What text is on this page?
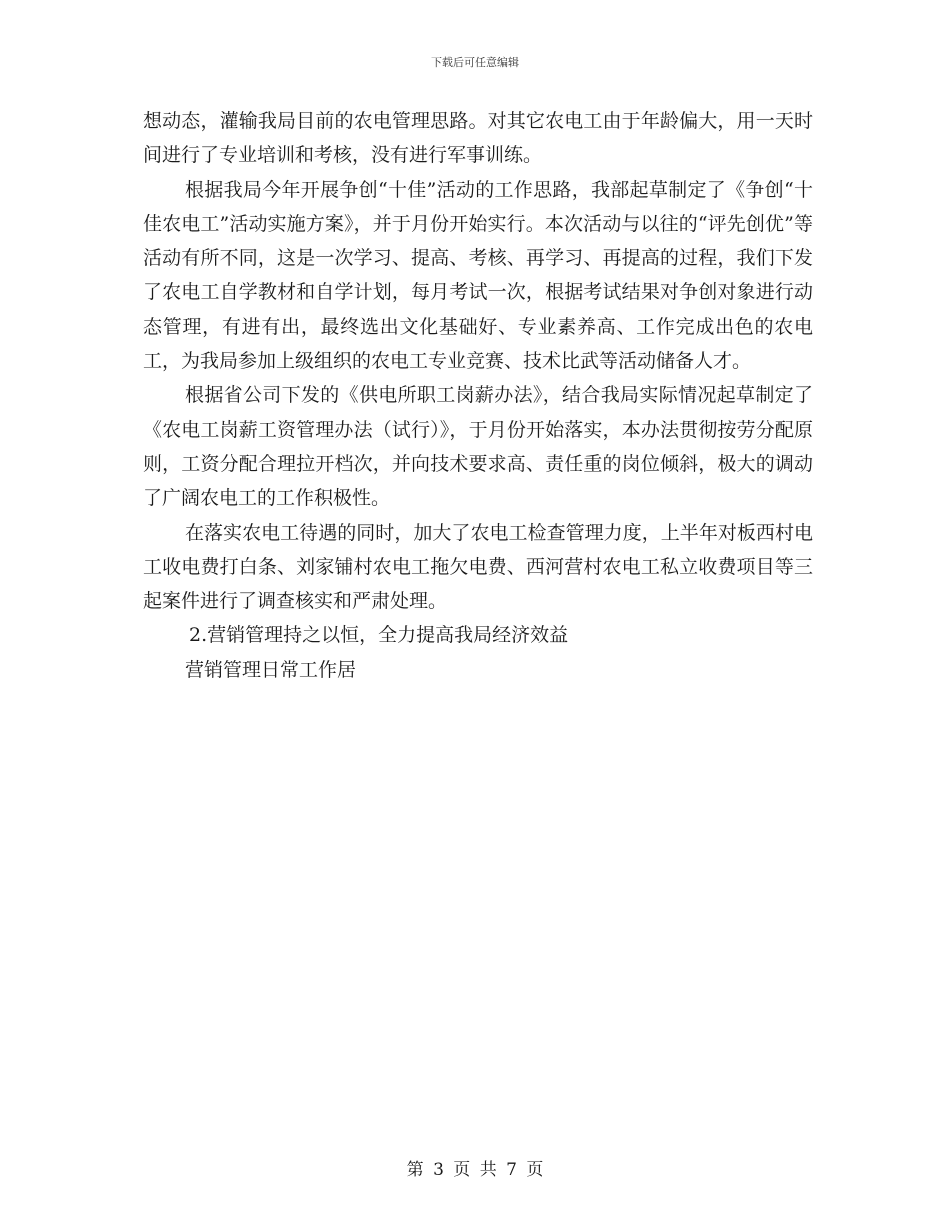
下载后可任意编辑

想动态，灌输我局目前的农电管理思路。对其它农电工由于年龄偏大，用一天时间进行了专业培训和考核，没有进行军事训练。

根据我局今年开展争创“十佳”活动的工作思路，我部起草制定了《争创“十佳农电工”活动实施方案》，并于月份开始实行。本次活动与以往的“评先创优”等活动有所不同，这是一次学习、提高、考核、再学习、再提高的过程，我们下发了农电工自学教材和自学计划，每月考试一次，根据考试结果对争创对象进行动态管理，有进有出，最终选出文化基础好、专业素养高、工作完成出色的农电工，为我局参加上级组织的农电工专业竞赛、技术比武等活动储备人才。

根据省公司下发的《供电所职工岗薪办法》，结合我局实际情况起草制定了《农电工岗薪工资管理办法（试行）》，于月份开始落实，本办法贯彻按劳分配原则，工资分配合理拉开档次，并向技术要求高、责任重的岗位倾斜，极大的调动了广阔农电工的工作积极性。

在落实农电工待遇的同时，加大了农电工检查管理力度，上半年对板西村电工收电费打白条、刘家铺村农电工拖欠电费、西河营村农电工私立收费项目等三起案件进行了调查核实和严肃处理。

2.营销管理持之以恒，全力提高我局经济效益

营销管理日常工作居

第 3 页 共 7 页
